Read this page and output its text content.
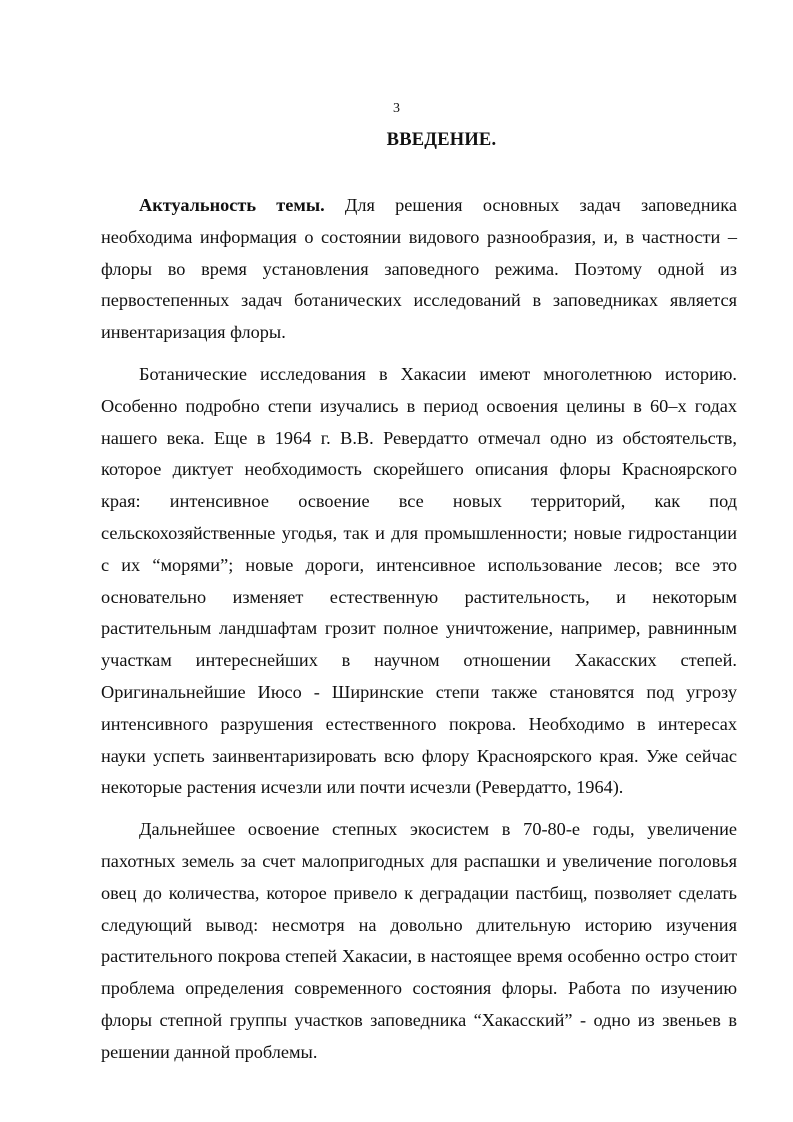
3
ВВЕДЕНИЕ.

Актуальность темы. Для решения основных задач заповедника необходима информация о состоянии видового разнообразия, и, в частности – флоры во время установления заповедного режима. Поэтому одной из первостепенных задач ботанических исследований в заповедниках является инвентаризация флоры.

Ботанические исследования в Хакасии имеют многолетнюю историю. Особенно подробно степи изучались в период освоения целины в 60–х годах нашего века. Еще в 1964 г. В.В. Ревердатто отмечал одно из обстоятельств, которое диктует необходимость скорейшего описания флоры Красноярского края: интенсивное освоение все новых территорий, как под сельскохозяйственные угодья, так и для промышленности; новые гидростанции с их “морями”; новые дороги, интенсивное использование лесов; все это основательно изменяет естественную растительность, и некоторым растительным ландшафтам грозит полное уничтожение, например, равнинным участкам интереснейших в научном отношении Хакасских степей. Оригинальнейшие Июсо - Ширинские степи также становятся под угрозу интенсивного разрушения естественного покрова. Необходимо в интересах науки успеть заинвентаризировать всю флору Красноярского края. Уже сейчас некоторые растения исчезли или почти исчезли (Ревердатто, 1964).

Дальнейшее освоение степных экосистем в 70-80-е годы, увеличение пахотных земель за счет малопригодных для распашки и увеличение поголовья овец до количества, которое привело к деградации пастбищ, позволяет сделать следующий вывод: несмотря на довольно длительную историю изучения растительного покрова степей Хакасии, в настоящее время особенно остро стоит проблема определения современного состояния флоры. Работа по изучению флоры степной группы участков заповедника “Хакасский” - одно из звеньев в решении данной проблемы.
